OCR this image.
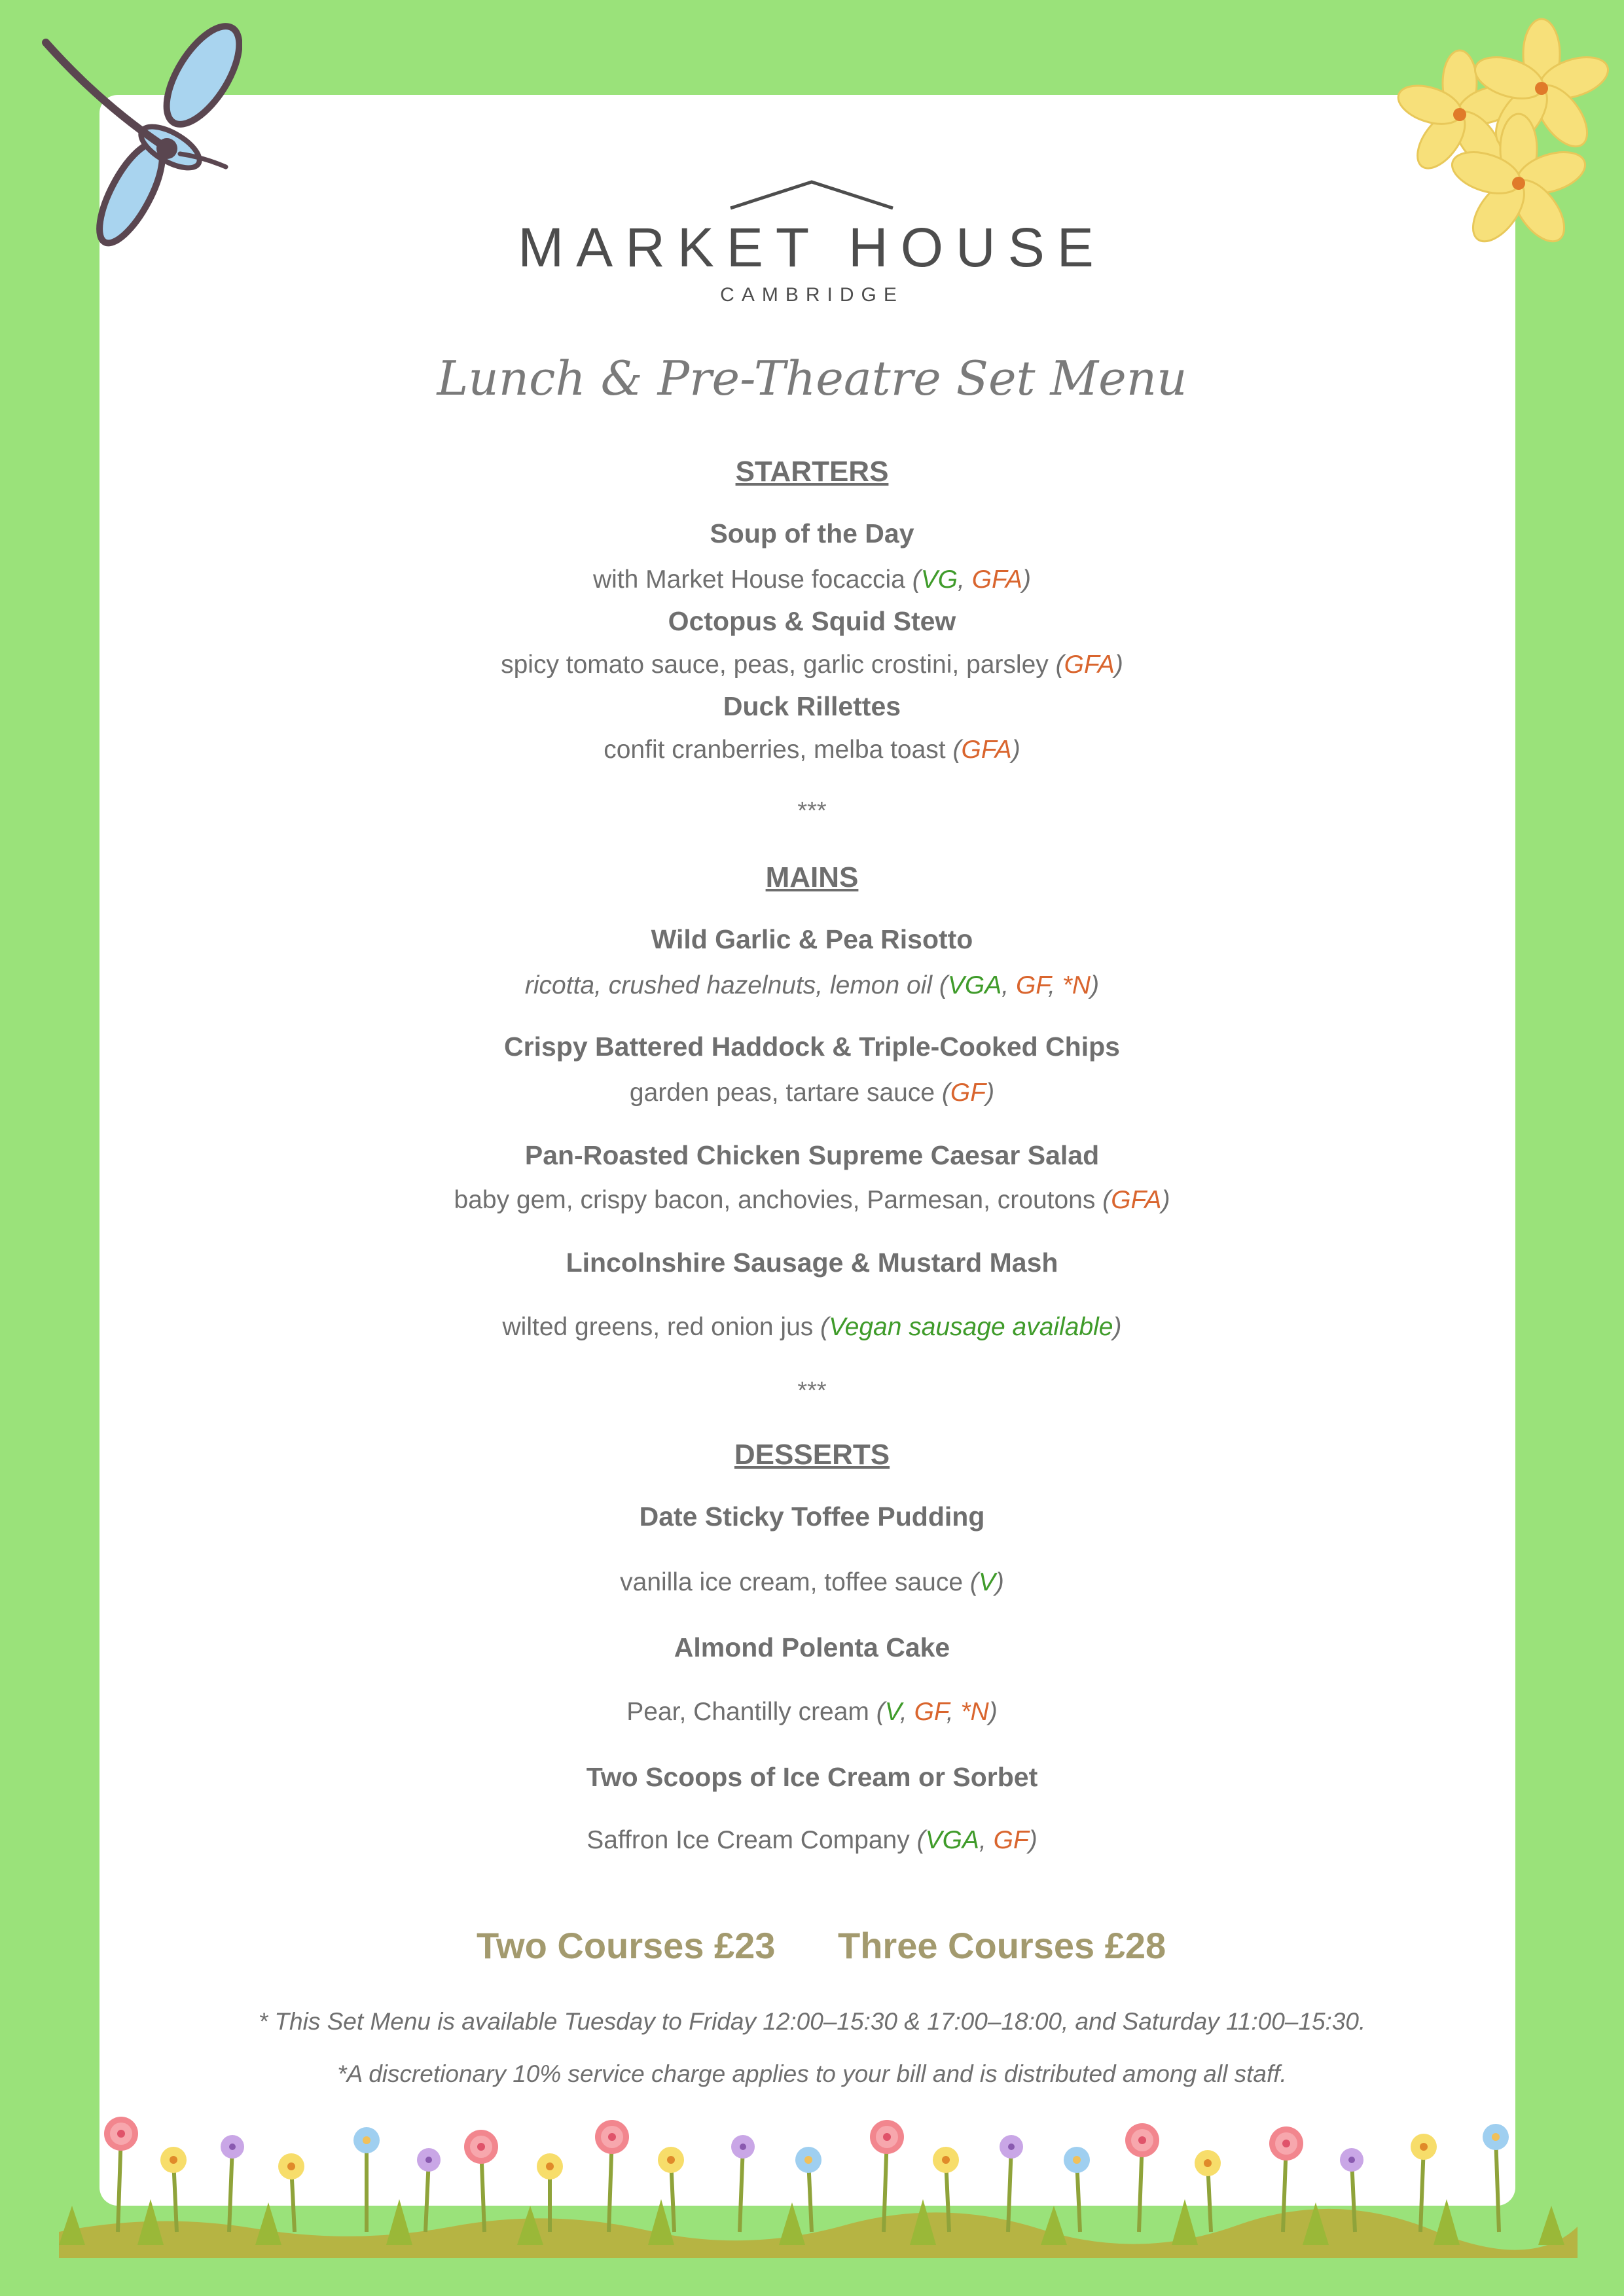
MARKET HOUSE
CAMBRIDGE
Lunch & Pre-Theatre Set Menu
STARTERS
Soup of the Day
with Market House focaccia (VG, GFA)
Octopus & Squid Stew
spicy tomato sauce, peas, garlic crostini, parsley (GFA)
Duck Rillettes
confit cranberries, melba toast (GFA)
***
MAINS
Wild Garlic & Pea Risotto
ricotta, crushed hazelnuts, lemon oil (VGA, GF, *N)
Crispy Battered Haddock & Triple-Cooked Chips
garden peas, tartare sauce (GF)
Pan-Roasted Chicken Supreme Caesar Salad
baby gem, crispy bacon, anchovies, Parmesan, croutons (GFA)
Lincolnshire Sausage & Mustard Mash
wilted greens, red onion jus (Vegan sausage available)
***
DESSERTS
Date Sticky Toffee Pudding
vanilla ice cream, toffee sauce (V)
Almond Polenta Cake
Pear, Chantilly cream (V, GF, *N)
Two Scoops of Ice Cream or Sorbet
Saffron Ice Cream Company (VGA, GF)
Two Courses £23 Three Courses £28
* This Set Menu is available Tuesday to Friday 12:00–15:30 & 17:00–18:00, and Saturday 11:00–15:30.
*A discretionary 10% service charge applies to your bill and is distributed among all staff.
